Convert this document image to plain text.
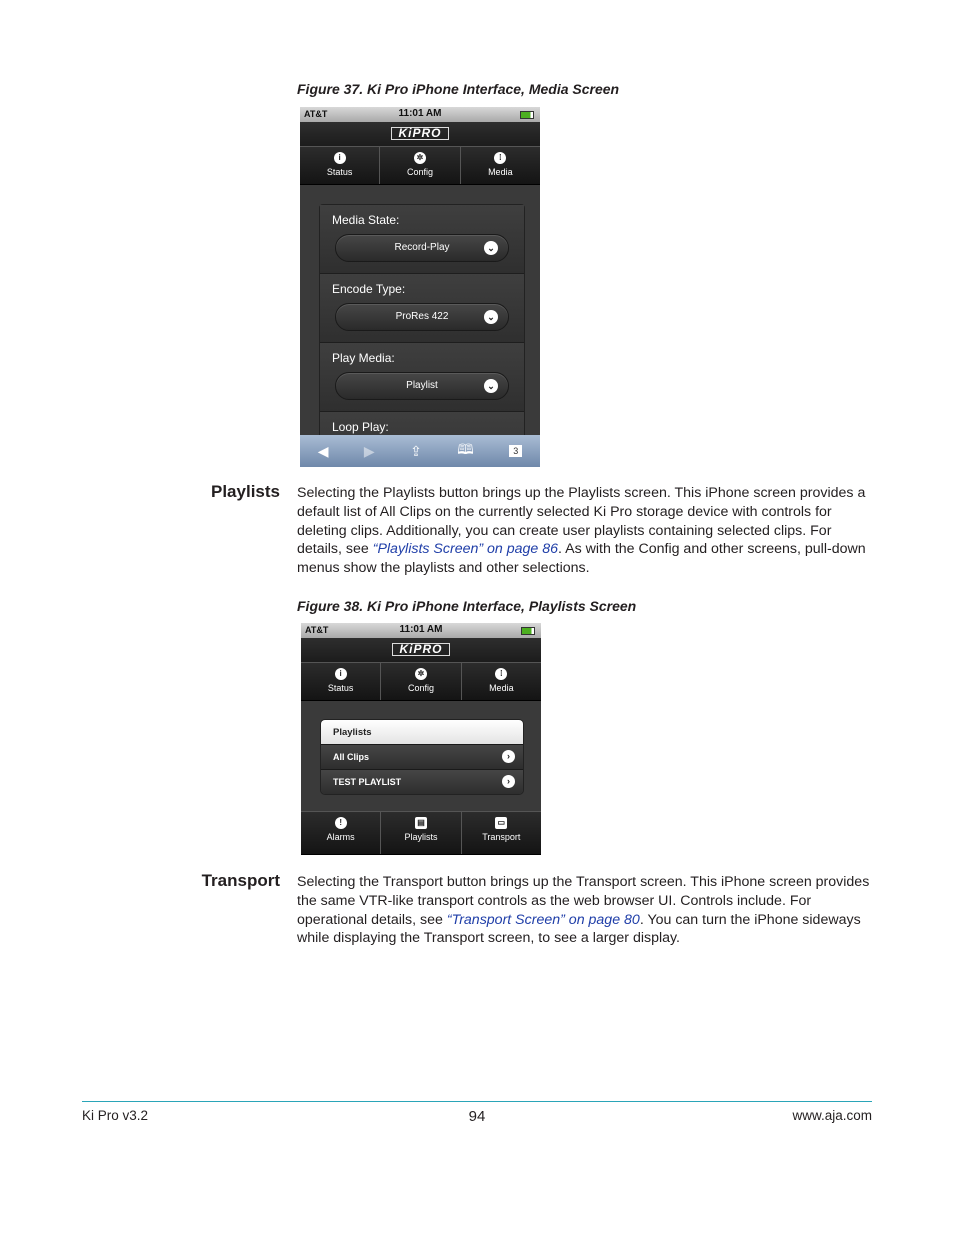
Figure 37. Ki Pro iPhone Interface, Media Screen

AT&T	11:01 AM
KiPRO
i
Status
✲
Config
⁞
Media
Media State:
Record-Play	⌄
Encode Type:
ProRes 422	⌄
Play Media:
Playlist	⌄
Loop Play:
◀	▶	⇪	🕮	3

Playlists Selecting the Playlists button brings up the Playlists screen. This iPhone screen provides a default list of All Clips on the currently selected Ki Pro storage device with controls for deleting clips. Additionally, you can create user playlists containing selected clips. For details, see “Playlists Screen” on page 86. As with the Config and other screens, pull-down menus show the playlists and other selections.

Figure 38. Ki Pro iPhone Interface, Playlists Screen

AT&T	11:01 AM
KiPRO
i
Status
✲
Config
⁞
Media
Playlists
All Clips	›
TEST PLAYLIST	›
!
Alarms
▤
Playlists
▭
Transport

Transport Selecting the Transport button brings up the Transport screen. This iPhone screen provides the same VTR-like transport controls as the web browser UI. Controls include. For operational details, see “Transport Screen” on page 80. You can turn the iPhone sideways while displaying the Transport screen, to see a larger display.

Ki Pro v3.2	94	www.aja.com
